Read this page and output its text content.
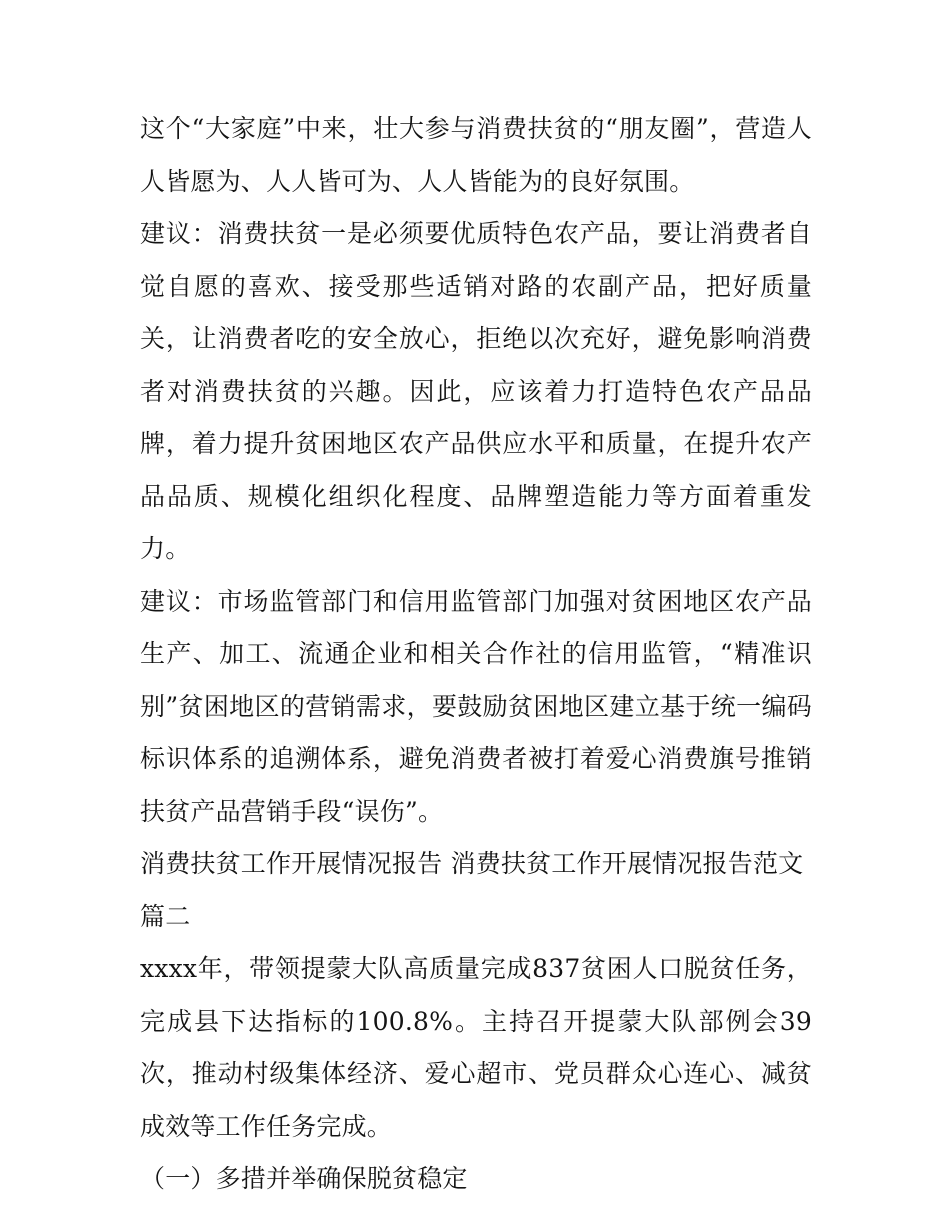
这个“大家庭”中来，壮大参与消费扶贫的“朋友圈”，营造人人皆愿为、人人皆可为、人人皆能为的良好氛围。

建议：消费扶贫一是必须要优质特色农产品，要让消费者自觉自愿的喜欢、接受那些适销对路的农副产品，把好质量关，让消费者吃的安全放心，拒绝以次充好，避免影响消费者对消费扶贫的兴趣。因此，应该着力打造特色农产品品牌，着力提升贫困地区农产品供应水平和质量，在提升农产品品质、规模化组织化程度、品牌塑造能力等方面着重发力。

建议：市场监管部门和信用监管部门加强对贫困地区农产品生产、加工、流通企业和相关合作社的信用监管，“精准识别”贫困地区的营销需求，要鼓励贫困地区建立基于统一编码标识体系的追溯体系，避免消费者被打着爱心消费旗号推销扶贫产品营销手段“误伤”。

消费扶贫工作开展情况报告 消费扶贫工作开展情况报告范文篇二

xxxx年，带领提蒙大队高质量完成837贫困人口脱贫任务，完成县下达指标的100.8%。主持召开提蒙大队部例会39次，推动村级集体经济、爱心超市、党员群众心连心、减贫成效等工作任务完成。

（一）多措并举确保脱贫稳定
